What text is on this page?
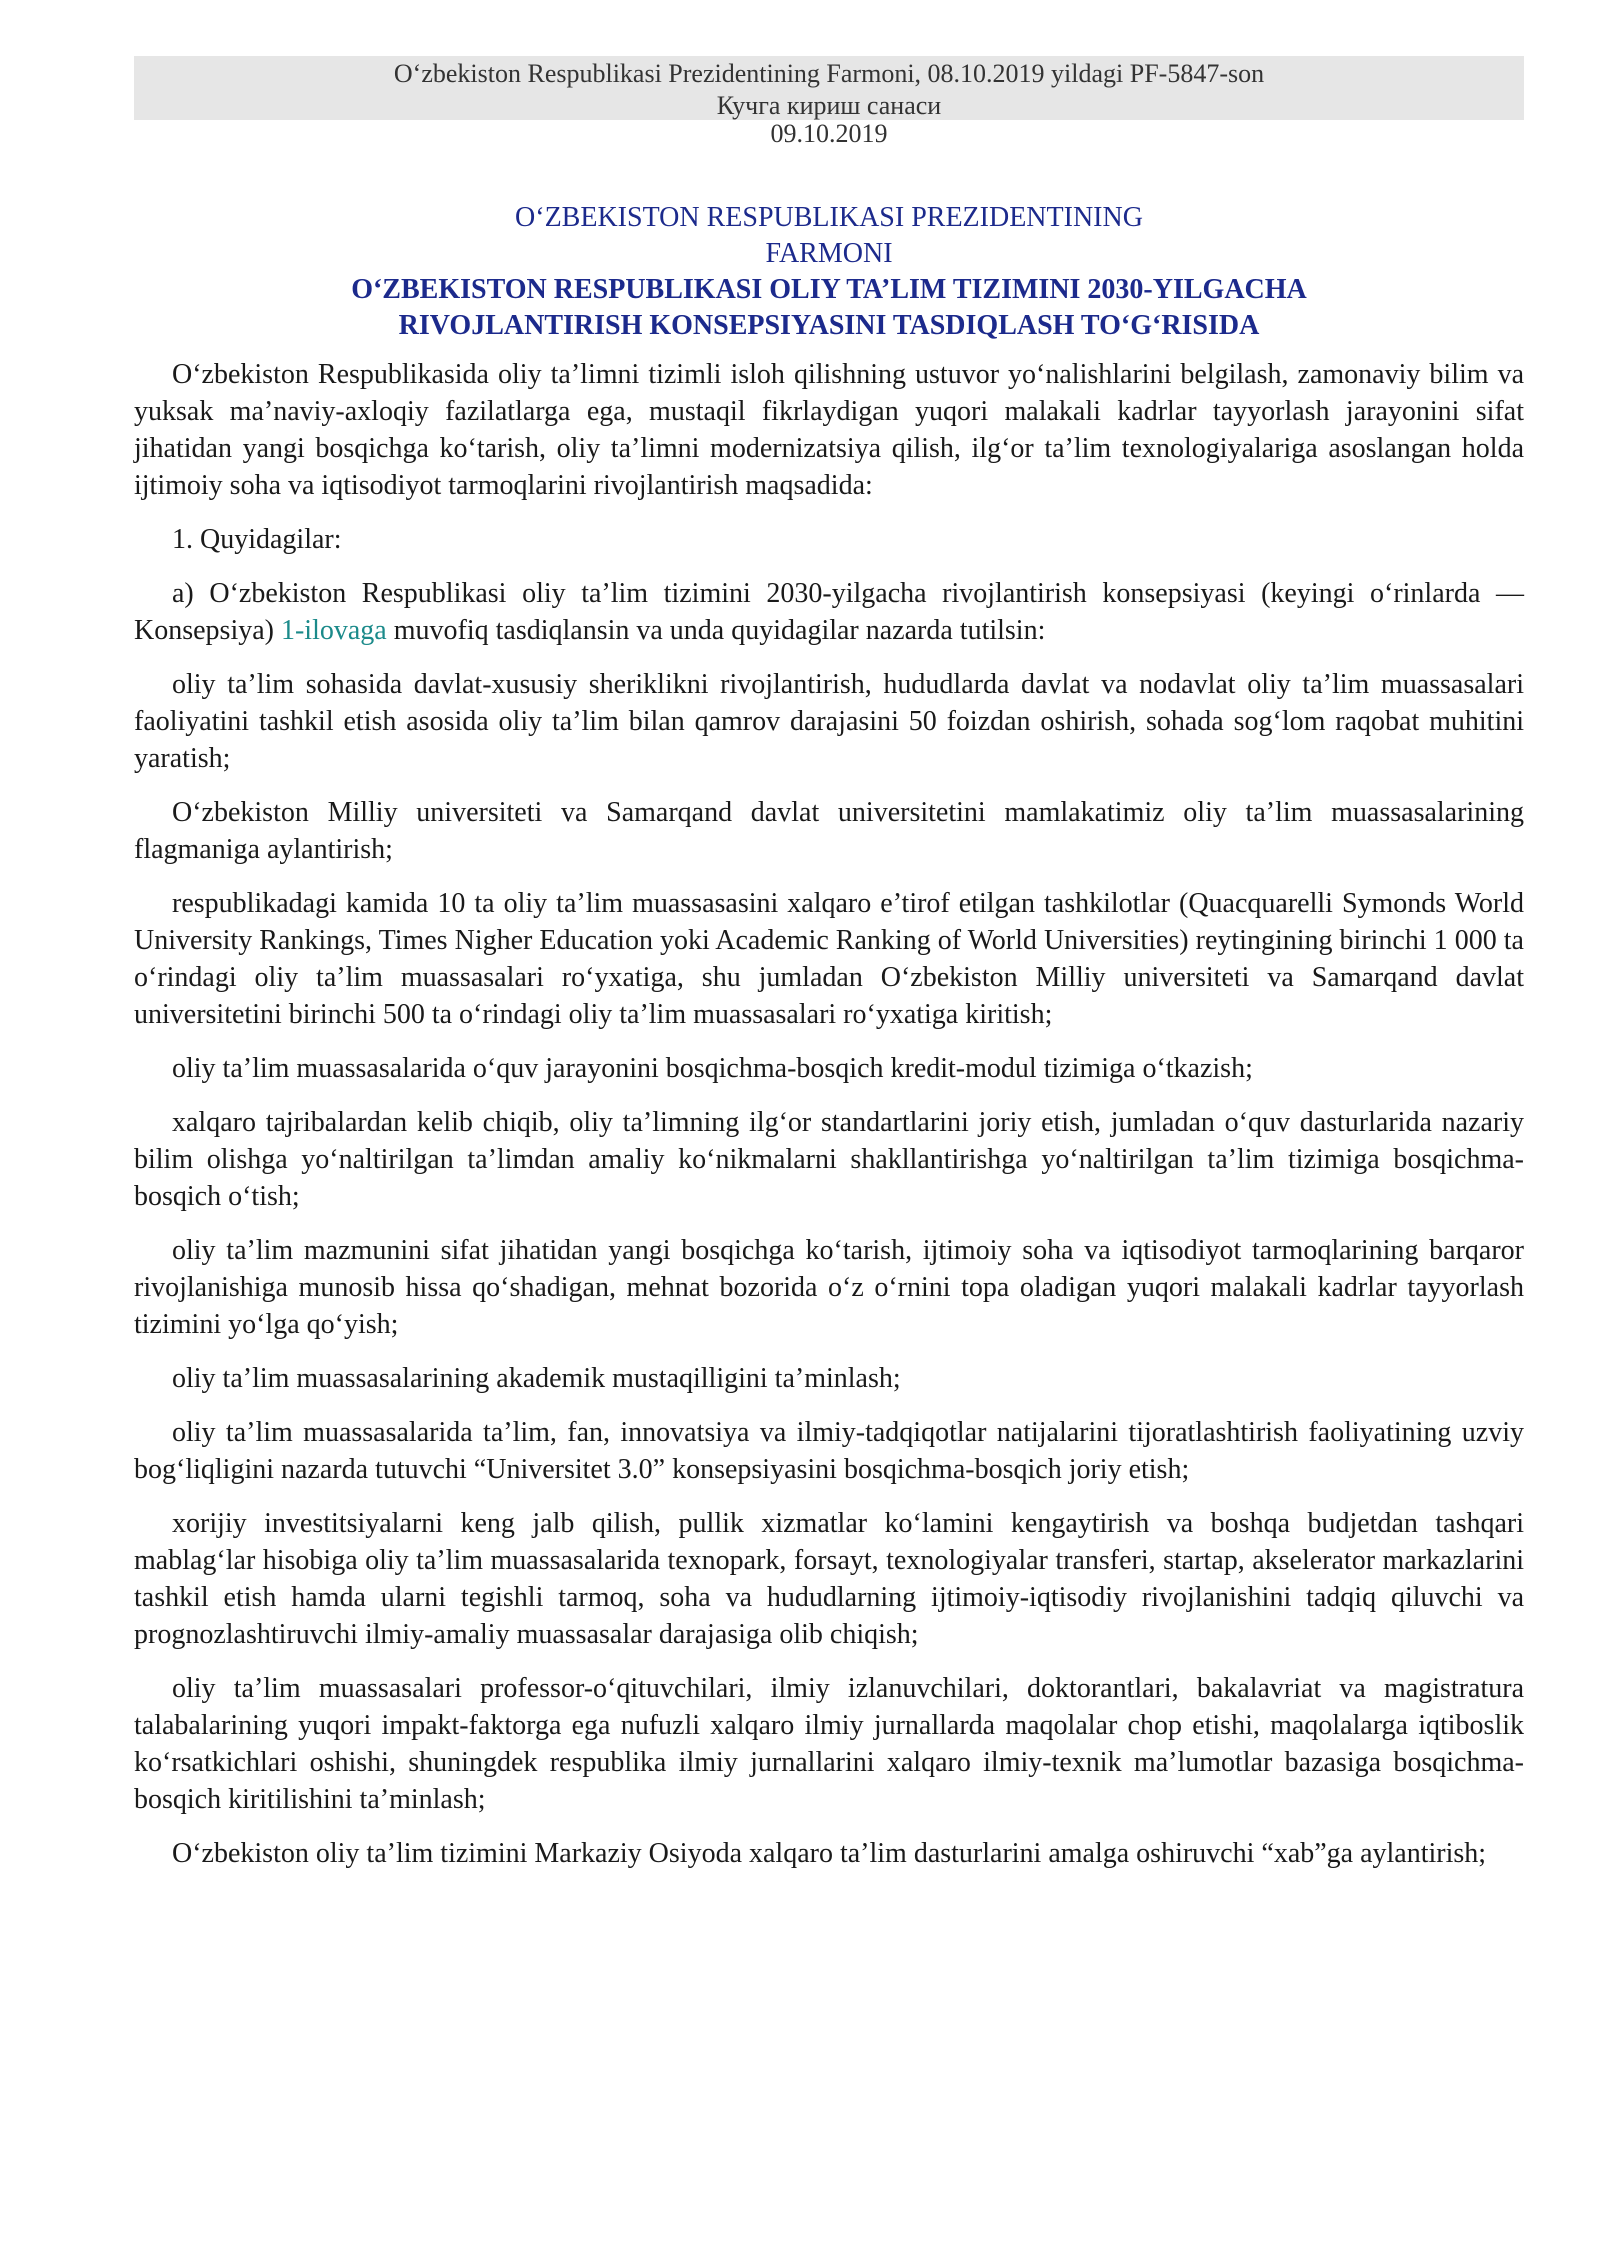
O‘zbekiston Respublikasi Prezidentining Farmoni, 08.10.2019 yildagi PF-5847-son
Кучга кириш санаси
09.10.2019

O‘ZBEKISTON RESPUBLIKASI PREZIDENTINING

FARMONI

O‘ZBEKISTON RESPUBLIKASI OLIY TA’LIM TIZIMINI 2030-YILGACHA

RIVOJLANTIRISH KONSEPSIYASINI TASDIQLASH TO‘G‘RISIDA

O‘zbekiston Respublikasida oliy ta’limni tizimli isloh qilishning ustuvor yo‘nalishlarini belgilash, zamonaviy bilim va yuksak ma’naviy-axloqiy fazilatlarga ega, mustaqil fikrlaydigan yuqori malakali kadrlar tayyorlash jarayonini sifat jihatidan yangi bosqichga ko‘tarish, oliy ta’limni modernizatsiya qilish, ilg‘or ta’lim texnologiyalariga asoslangan holda ijtimoiy soha va iqtisodiyot tarmoqlarini rivojlantirish maqsadida:

1. Quyidagilar:

a) O‘zbekiston Respublikasi oliy ta’lim tizimini 2030-yilgacha rivojlantirish konsepsiyasi (keyingi o‘rinlarda — Konsepsiya) 1-ilovaga muvofiq tasdiqlansin va unda quyidagilar nazarda tutilsin:

oliy ta’lim sohasida davlat-xususiy sheriklikni rivojlantirish, hududlarda davlat va nodavlat oliy ta’lim muassasalari faoliyatini tashkil etish asosida oliy ta’lim bilan qamrov darajasini 50 foizdan oshirish, sohada sog‘lom raqobat muhitini yaratish;

O‘zbekiston Milliy universiteti va Samarqand davlat universitetini mamlakatimiz oliy ta’lim muassasalarining flagmaniga aylantirish;

respublikadagi kamida 10 ta oliy ta’lim muassasasini xalqaro e’tirof etilgan tashkilotlar (Quacquarelli Symonds World University Rankings, Times Nigher Education yoki Academic Ranking of World Universities) reytingining birinchi 1 000 ta o‘rindagi oliy ta’lim muassasalari ro‘yxatiga, shu jumladan O‘zbekiston Milliy universiteti va Samarqand davlat universitetini birinchi 500 ta o‘rindagi oliy ta’lim muassasalari ro‘yxatiga kiritish;

oliy ta’lim muassasalarida o‘quv jarayonini bosqichma-bosqich kredit-modul tizimiga o‘tkazish;

xalqaro tajribalardan kelib chiqib, oliy ta’limning ilg‘or standartlarini joriy etish, jumladan o‘quv dasturlarida nazariy bilim olishga yo‘naltirilgan ta’limdan amaliy ko‘nikmalarni shakllantirishga yo‘naltirilgan ta’lim tizimiga bosqichma-bosqich o‘tish;

oliy ta’lim mazmunini sifat jihatidan yangi bosqichga ko‘tarish, ijtimoiy soha va iqtisodiyot tarmoqlarining barqaror rivojlanishiga munosib hissa qo‘shadigan, mehnat bozorida o‘z o‘rnini topa oladigan yuqori malakali kadrlar tayyorlash tizimini yo‘lga qo‘yish;

oliy ta’lim muassasalarining akademik mustaqilligini ta’minlash;

oliy ta’lim muassasalarida ta’lim, fan, innovatsiya va ilmiy-tadqiqotlar natijalarini tijoratlashtirish faoliyatining uzviy bog‘liqligini nazarda tutuvchi “Universitet 3.0” konsepsiyasini bosqichma-bosqich joriy etish;

xorijiy investitsiyalarni keng jalb qilish, pullik xizmatlar ko‘lamini kengaytirish va boshqa budjetdan tashqari mablag‘lar hisobiga oliy ta’lim muassasalarida texnopark, forsayt, texnologiyalar transferi, startap, akselerator markazlarini tashkil etish hamda ularni tegishli tarmoq, soha va hududlarning ijtimoiy-iqtisodiy rivojlanishini tadqiq qiluvchi va prognozlashtiruvchi ilmiy-amaliy muassasalar darajasiga olib chiqish;

oliy ta’lim muassasalari professor-o‘qituvchilari, ilmiy izlanuvchilari, doktorantlari, bakalavriat va magistratura talabalarining yuqori impakt-faktorga ega nufuzli xalqaro ilmiy jurnallarda maqolalar chop etishi, maqolalarga iqtiboslik ko‘rsatkichlari oshishi, shuningdek respublika ilmiy jurnallarini xalqaro ilmiy-texnik ma’lumotlar bazasiga bosqichma-bosqich kiritilishini ta’minlash;

O‘zbekiston oliy ta’lim tizimini Markaziy Osiyoda xalqaro ta’lim dasturlarini amalga oshiruvchi “xab”ga aylantirish;
